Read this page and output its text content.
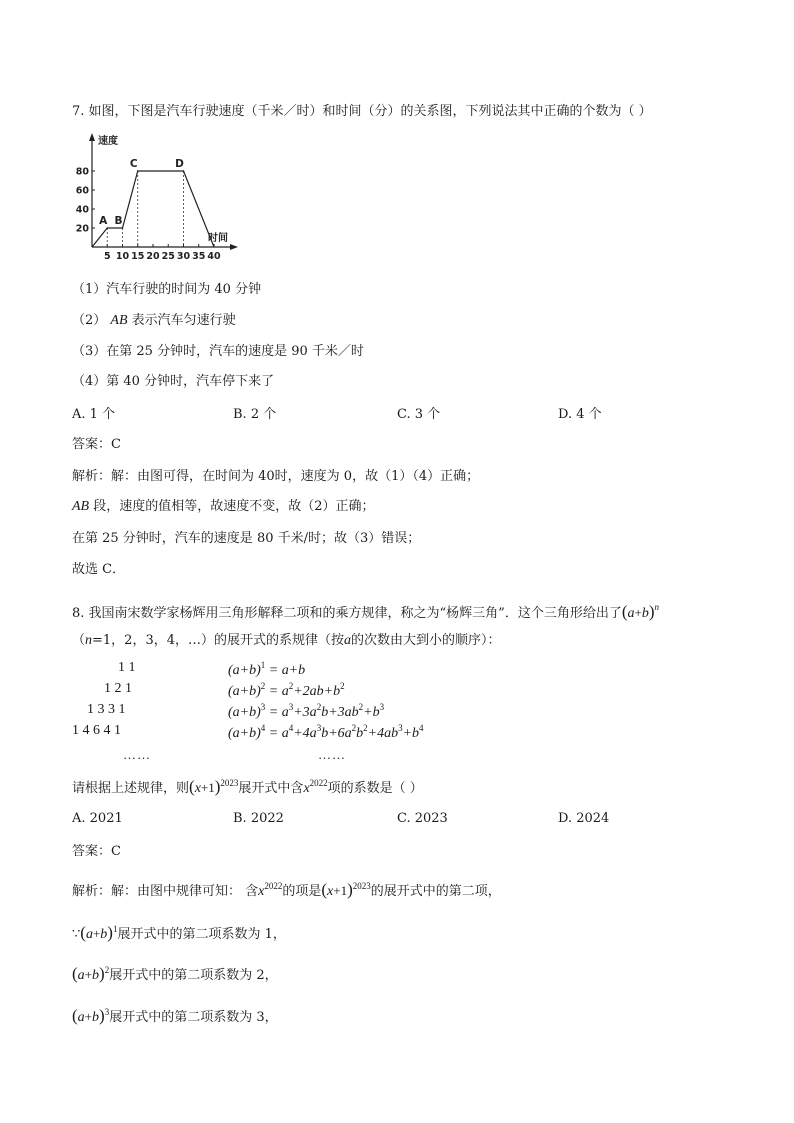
7. 如图，下图是汽车行驶速度（千米／时）和时间（分）的关系图，下列说法其中正确的个数为（ ）
速度
时间
5 10 15 20 25 30 35 40
20
40
60
80
A B
C	D
（1）汽车行驶的时间为 40 分钟
（2） AB 表示汽车匀速行驶
（3）在第 25 分钟时，汽车的速度是 90 千米／时
（4）第 40 分钟时，汽车停下来了
A. 1 个	B. 2 个	C. 3 个	D. 4 个
答案：C
解析：解：由图可得，在时间为 40时，速度为 0，故（1）（4）正确；
AB 段，速度的值相等，故速度不变，故（2）正确；
在第 25 分钟时，汽车的速度是 80 千米/时；故（3）错误；
故选 C．
8. 我国南宋数学家杨辉用三角形解释二项和的乘方规律，称之为“杨辉三角”．这个三角形给出了$(a+b)^n$
（n=1，2，3，4，…）的展开式的系规律（按a的次数由大到小的顺序）：
1 1
1 2 1
1 3 3 1
1 4 6 4 1
……
$(a+b)^1 = a+b$
$(a+b)^2 = a^2+2ab+b^2$
$(a+b)^3 = a^3+3a^2b+3ab^2+b^3$
$(a+b)^4 = a^4+4a^3b+6a^2b^2+4ab^3+b^4$
……
请根据上述规律，则$(x+1)^{2023}$展开式中含$x^{2022}$项的系数是（ ）
A. 2021	B. 2022	C. 2023	D. 2024
答案：C
解析：解：由图中规律可知： 含$x^{2022}$的项是$(x+1)^{2023}$的展开式中的第二项，
$\because(a+b)^1$展开式中的第二项系数为 1，
$(a+b)^2$展开式中的第二项系数为 2，
$(a+b)^3$展开式中的第二项系数为 3，
